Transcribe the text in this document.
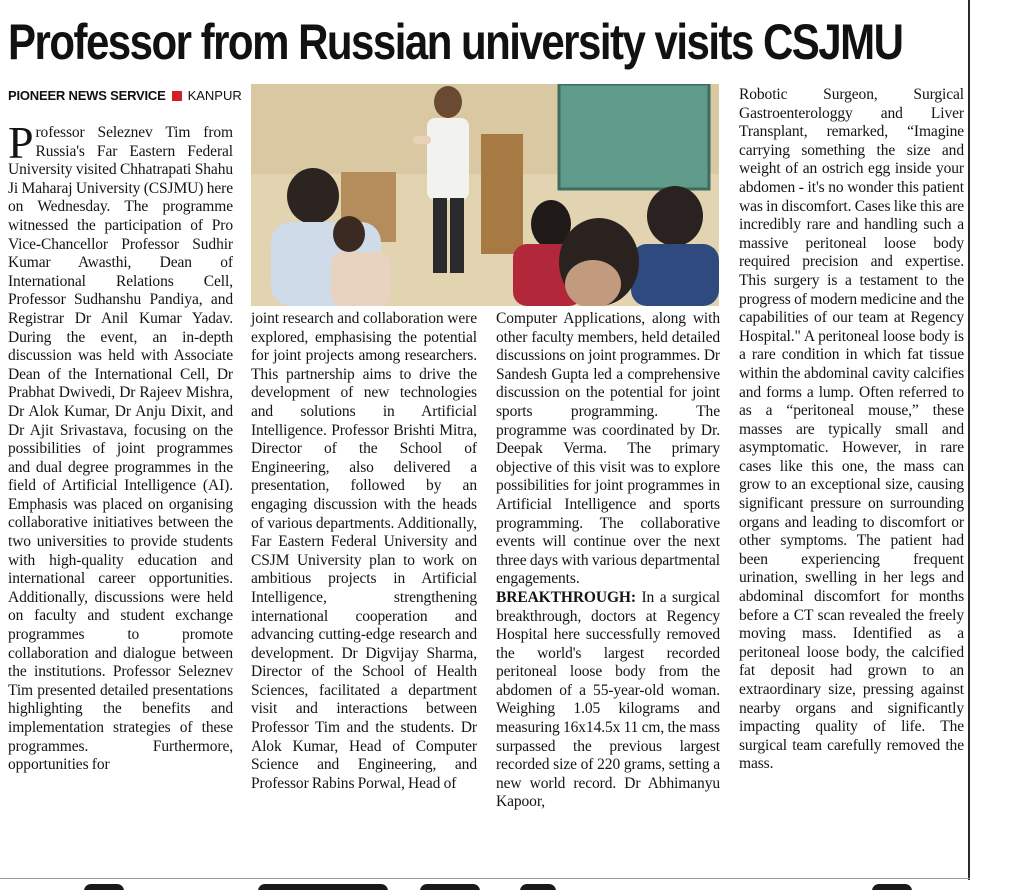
Professor from Russian university visits CSJMU
PIONEER NEWS SERVICE KANPUR

Professor Seleznev Tim from Russia's Far Eastern Federal University visited Chhatrapati Shahu Ji Maharaj University (CSJMU) here on Wednesday. The programme witnessed the participation of Pro Vice-Chancellor Professor Sudhir Kumar Awasthi, Dean of International Relations Cell, Professor Sudhanshu Pandiya, and Registrar Dr Anil Kumar Yadav. During the event, an in-depth discussion was held with Associate Dean of the International Cell, Dr Prabhat Dwivedi, Dr Rajeev Mishra, Dr Alok Kumar, Dr Anju Dixit, and Dr Ajit Srivastava, focusing on the possibilities of joint programmes and dual degree programmes in the field of Artificial Intelligence (AI). Emphasis was placed on organising collaborative initiatives between the two universities to provide students with high-quality education and international career opportunities. Additionally, discussions were held on faculty and student exchange programmes to promote collaboration and dialogue between the institutions. Professor Seleznev Tim presented detailed presentations highlighting the benefits and implementation strategies of these programmes. Furthermore, opportunities for

joint research and collaboration were explored, emphasising the potential for joint projects among researchers. This partnership aims to drive the development of new technologies and solutions in Artificial Intelligence. Professor Brishti Mitra, Director of the School of Engineering, also delivered a presentation, followed by an engaging discussion with the heads of various departments. Additionally, Far Eastern Federal University and CSJM University plan to work on ambitious projects in Artificial Intelligence, strengthening international cooperation and advancing cutting-edge research and development. Dr Digvijay Sharma, Director of the School of Health Sciences, facilitated a department visit and interactions between Professor Tim and the students. Dr Alok Kumar, Head of Computer Science and Engineering, and Professor Rabins Porwal, Head of

Computer Applications, along with other faculty members, held detailed discussions on joint programmes. Dr Sandesh Gupta led a comprehensive discussion on the potential for joint sports programming. The programme was coordinated by Dr. Deepak Verma. The primary objective of this visit was to explore possibilities for joint programmes in Artificial Intelligence and sports programming. The collaborative events will continue over the next three days with various departmental engagements.

BREAKTHROUGH: In a surgical breakthrough, doctors at Regency Hospital here successfully removed the world's largest recorded peritoneal loose body from the abdomen of a 55-year-old woman. Weighing 1.05 kilograms and measuring 16x14.5x 11 cm, the mass surpassed the previous largest recorded size of 220 grams, setting a new world record. Dr Abhimanyu Kapoor,

Robotic Surgeon, Surgical Gastroenterologgy and Liver Transplant, remarked, “Imagine carrying something the size and weight of an ostrich egg inside your abdomen - it's no wonder this patient was in discomfort. Cases like this are incredibly rare and handling such a massive peritoneal loose body required precision and expertise. This surgery is a testament to the progress of modern medicine and the capabilities of our team at Regency Hospital." A peritoneal loose body is a rare condition in which fat tissue within the abdominal cavity calcifies and forms a lump. Often referred to as a “peritoneal mouse,” these masses are typically small and asymptomatic. However, in rare cases like this one, the mass can grow to an exceptional size, causing significant pressure on surrounding organs and leading to discomfort or other symptoms. The patient had been experiencing frequent urination, swelling in her legs and abdominal discomfort for months before a CT scan revealed the freely moving mass. Identified as a peritoneal loose body, the calcified fat deposit had grown to an extraordinary size, pressing against nearby organs and significantly impacting quality of life. The surgical team carefully removed the mass.
